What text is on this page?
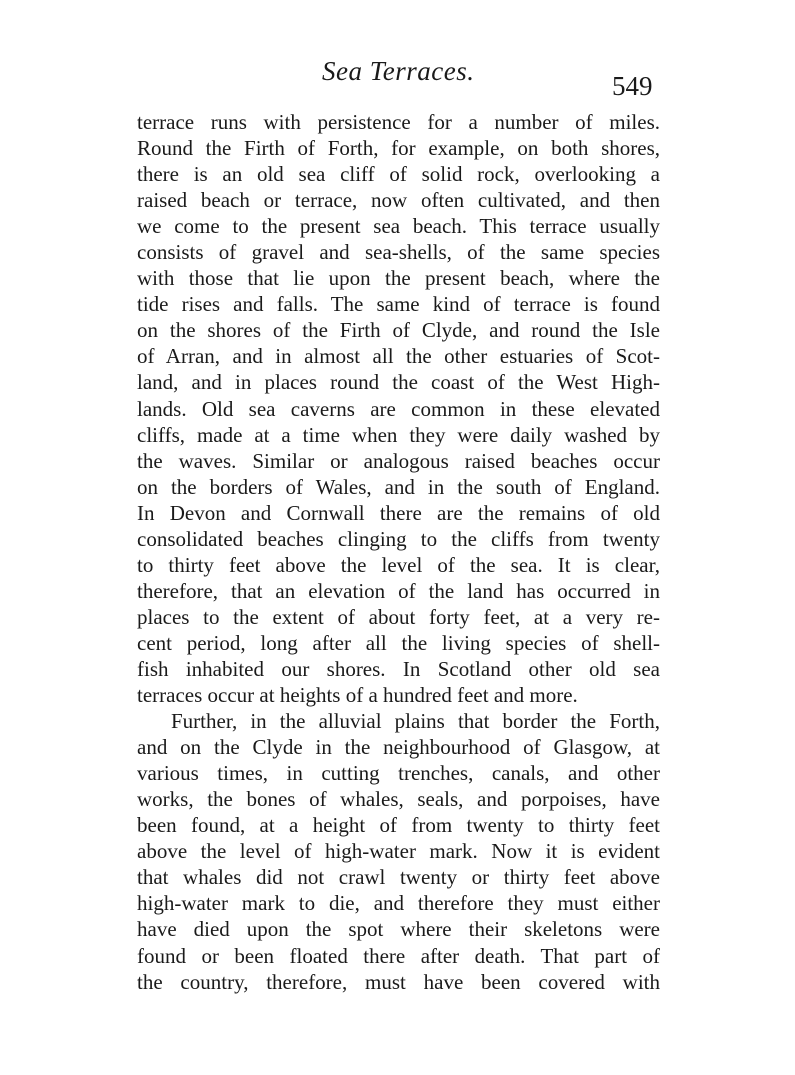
Sea Terraces.	549
terrace runs with persistence for a number of miles.
Round the Firth of Forth, for example, on both shores,
there is an old sea cliff of solid rock, overlooking a
raised beach or terrace, now often cultivated, and then
we come to the present sea beach. This terrace usually
consists of gravel and sea-shells, of the same species
with those that lie upon the present beach, where the
tide rises and falls. The same kind of terrace is found
on the shores of the Firth of Clyde, and round the Isle
of Arran, and in almost all the other estuaries of Scot-
land, and in places round the coast of the West High-
lands. Old sea caverns are common in these elevated
cliffs, made at a time when they were daily washed by
the waves. Similar or analogous raised beaches occur
on the borders of Wales, and in the south of England.
In Devon and Cornwall there are the remains of old
consolidated beaches clinging to the cliffs from twenty
to thirty feet above the level of the sea. It is clear,
therefore, that an elevation of the land has occurred in
places to the extent of about forty feet, at a very re-
cent period, long after all the living species of shell-
fish inhabited our shores. In Scotland other old sea
terraces occur at heights of a hundred feet and more.
Further, in the alluvial plains that border the Forth,
and on the Clyde in the neighbourhood of Glasgow, at
various times, in cutting trenches, canals, and other
works, the bones of whales, seals, and porpoises, have
been found, at a height of from twenty to thirty feet
above the level of high-water mark. Now it is evident
that whales did not crawl twenty or thirty feet above
high-water mark to die, and therefore they must either
have died upon the spot where their skeletons were
found or been floated there after death. That part of
the country, therefore, must have been covered with
